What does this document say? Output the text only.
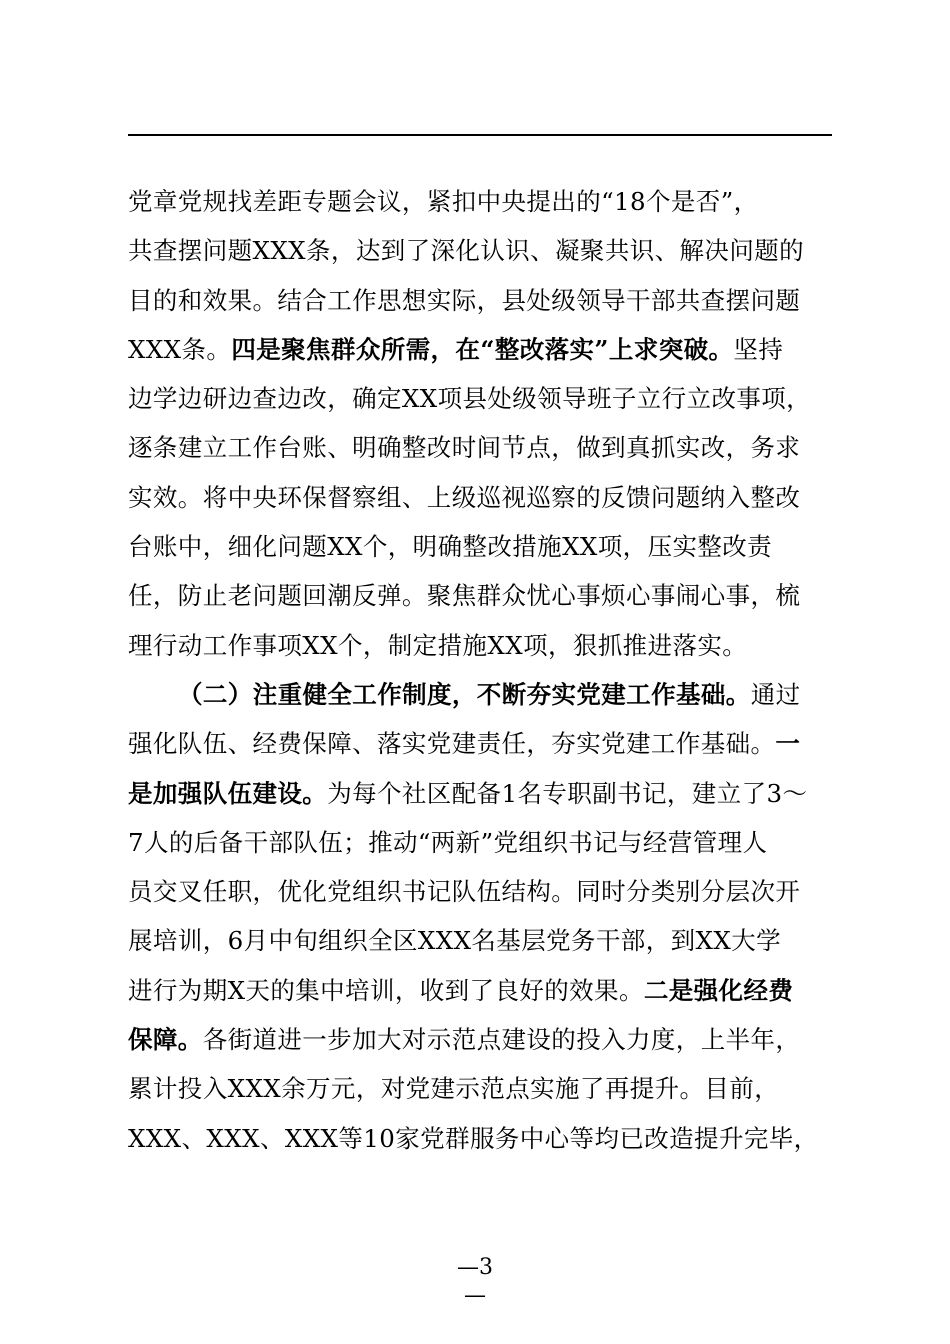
党章党规找差距专题会议，紧扣中央提出的“18个是否”，
共查摆问题XXX条，达到了深化认识、凝聚共识、解决问题的
目的和效果。结合工作思想实际，县处级领导干部共查摆问题
XXX条。四是聚焦群众所需，在“整改落实”上求突破。坚持
边学边研边查边改，确定XX项县处级领导班子立行立改事项，
逐条建立工作台账、明确整改时间节点，做到真抓实改，务求
实效。将中央环保督察组、上级巡视巡察的反馈问题纳入整改
台账中，细化问题XX个，明确整改措施XX项，压实整改责
任，防止老问题回潮反弹。聚焦群众忧心事烦心事闹心事，梳
理行动工作事项XX个，制定措施XX项，狠抓推进落实。
（二）注重健全工作制度，不断夯实党建工作基础。通过
强化队伍、经费保障、落实党建责任，夯实党建工作基础。一
是加强队伍建设。为每个社区配备1名专职副书记，建立了3～
7人的后备干部队伍；推动“两新”党组织书记与经营管理人
员交叉任职，优化党组织书记队伍结构。同时分类别分层次开
展培训，6月中旬组织全区XXX名基层党务干部，到XX大学
进行为期X天的集中培训，收到了良好的效果。二是强化经费
保障。各街道进一步加大对示范点建设的投入力度，上半年，
累计投入XXX余万元，对党建示范点实施了再提升。目前，
XXX、XXX、XXX等10家党群服务中心等均已改造提升完毕，
—3
—
